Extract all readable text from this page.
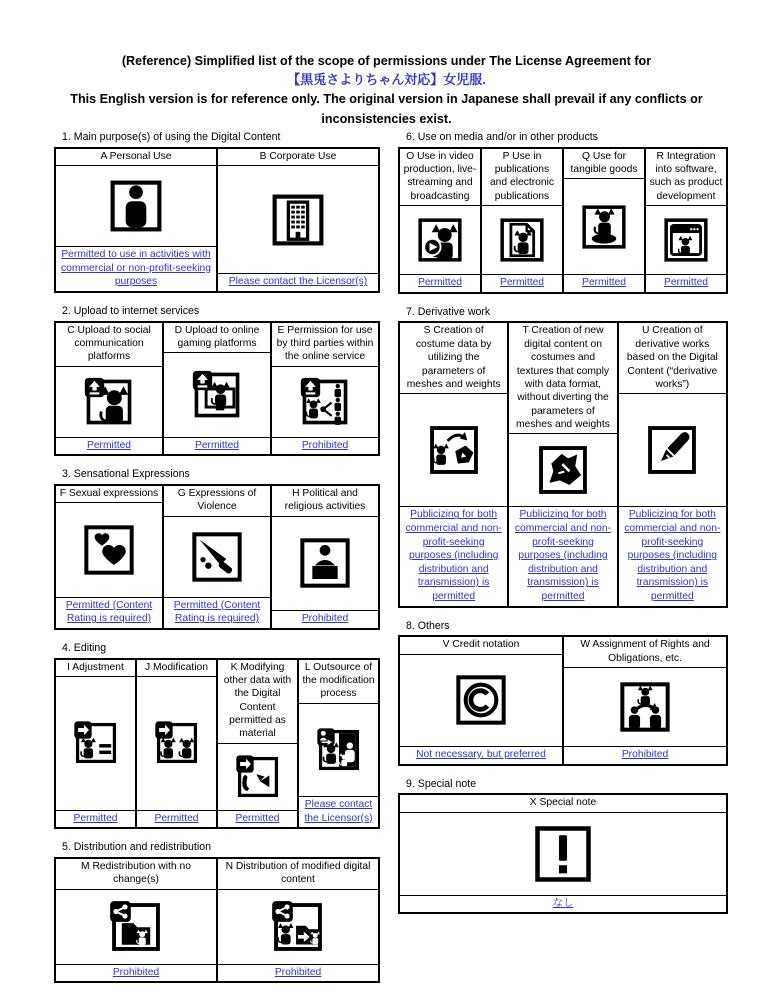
(Reference) Simplified list of the scope of permissions under The License Agreement for
【黒兎さよりちゃん対応】女児服.
This English version is for reference only. The original version in Japanese shall prevail if any conflicts or inconsistencies exist.
1. Main purpose(s) of using the Digital Content
A Personal Use
Permitted to use in activities with commercial or non-profit-seeking purposes
B Corporate Use
Please contact the Licensor(s)
2. Upload to internet services
C Upload to social communication platforms
Permitted
D Upload to online gaming platforms
Permitted
E Permission for use by third parties within the online service
Prohibited
3. Sensational Expressions
F Sexual expressions
Permitted (Content Rating is required)
G Expressions of Violence
Permitted (Content Rating is required)
H Political and religious activities
Prohibited
4. Editing
I Adjustment
Permitted
J Modification
Permitted
K Modifying other data with the Digital Content permitted as material
Permitted
L Outsource of the modification process
Please contact the Licensor(s)
5. Distribution and redistribution
M Redistribution with no change(s)
Prohibited
N Distribution of modified digital content
Prohibited
6. Use on media and/or in other products
O Use in video production, live-streaming and broadcasting
Permitted
P Use in publications and electronic publications
Permitted
Q Use for tangible goods
Permitted
R Integration into software, such as product development
Permitted
7. Derivative work
S Creation of costume data by utilizing the parameters of meshes and weights
Publicizing for both commercial and non-profit-seeking purposes (including distribution and transmission) is permitted
T Creation of new digital content on costumes and textures that comply with data format, without diverting the parameters of meshes and weights
Publicizing for both commercial and non-profit-seeking purposes (including distribution and transmission) is permitted
U Creation of derivative works based on the Digital Content (“derivative works”)
Publicizing for both commercial and non-profit-seeking purposes (including distribution and transmission) is permitted
8. Others
V Credit notation
Not necessary, but preferred
W Assignment of Rights and Obligations, etc.
Prohibited
9. Special note
X Special note
なし
